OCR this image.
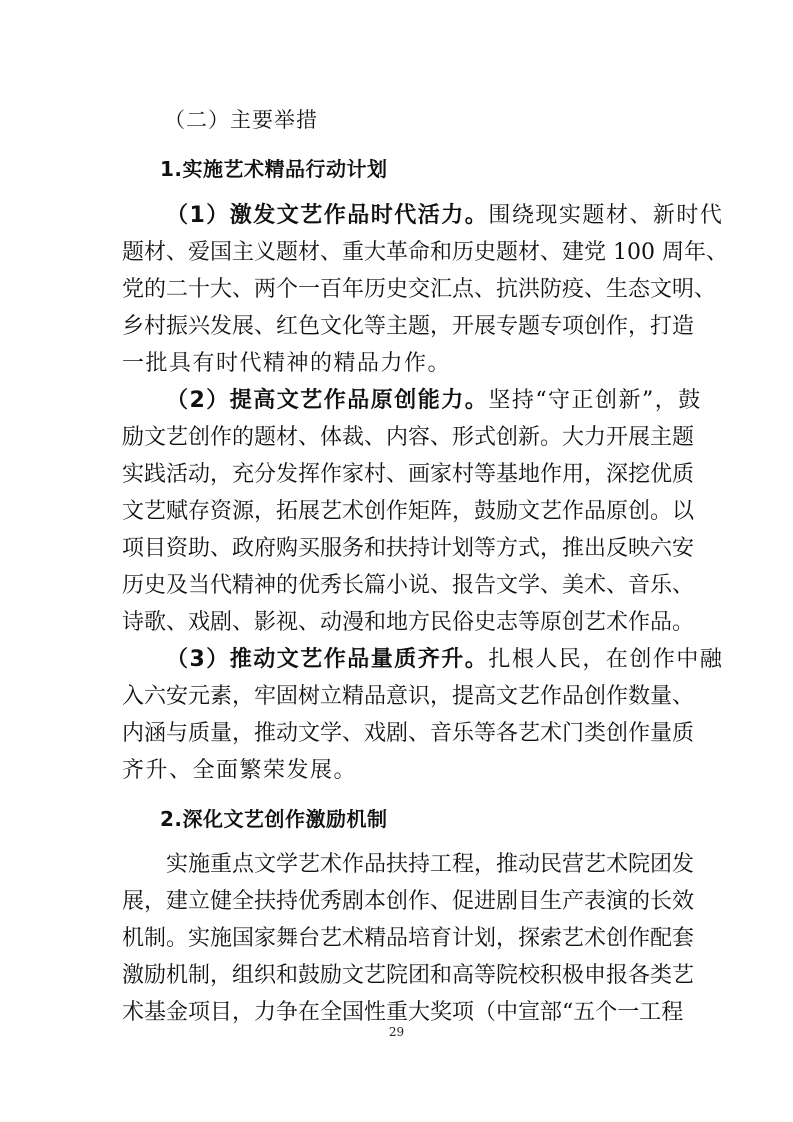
（二）主要举措
1.实施艺术精品行动计划
（1）激发文艺作品时代活力。围绕现实题材、新时代
题材、爱国主义题材、重大革命和历史题材、建党 100 周年、
党的二十大、两个一百年历史交汇点、抗洪防疫、生态文明、
乡村振兴发展、红色文化等主题，开展专题专项创作，打造
一批具有时代精神的精品力作。
（2）提高文艺作品原创能力。坚持“守正创新”，鼓
励文艺创作的题材、体裁、内容、形式创新。大力开展主题
实践活动，充分发挥作家村、画家村等基地作用，深挖优质
文艺赋存资源，拓展艺术创作矩阵，鼓励文艺作品原创。以
项目资助、政府购买服务和扶持计划等方式，推出反映六安
历史及当代精神的优秀长篇小说、报告文学、美术、音乐、
诗歌、戏剧、影视、动漫和地方民俗史志等原创艺术作品。
（3）推动文艺作品量质齐升。扎根人民，在创作中融
入六安元素，牢固树立精品意识，提高文艺作品创作数量、
内涵与质量，推动文学、戏剧、音乐等各艺术门类创作量质
齐升、全面繁荣发展。
2.深化文艺创作激励机制
实施重点文学艺术作品扶持工程，推动民营艺术院团发
展，建立健全扶持优秀剧本创作、促进剧目生产表演的长效
机制。实施国家舞台艺术精品培育计划，探索艺术创作配套
激励机制，组织和鼓励文艺院团和高等院校积极申报各类艺
术基金项目，力争在全国性重大奖项（中宣部“五个一工程
29
